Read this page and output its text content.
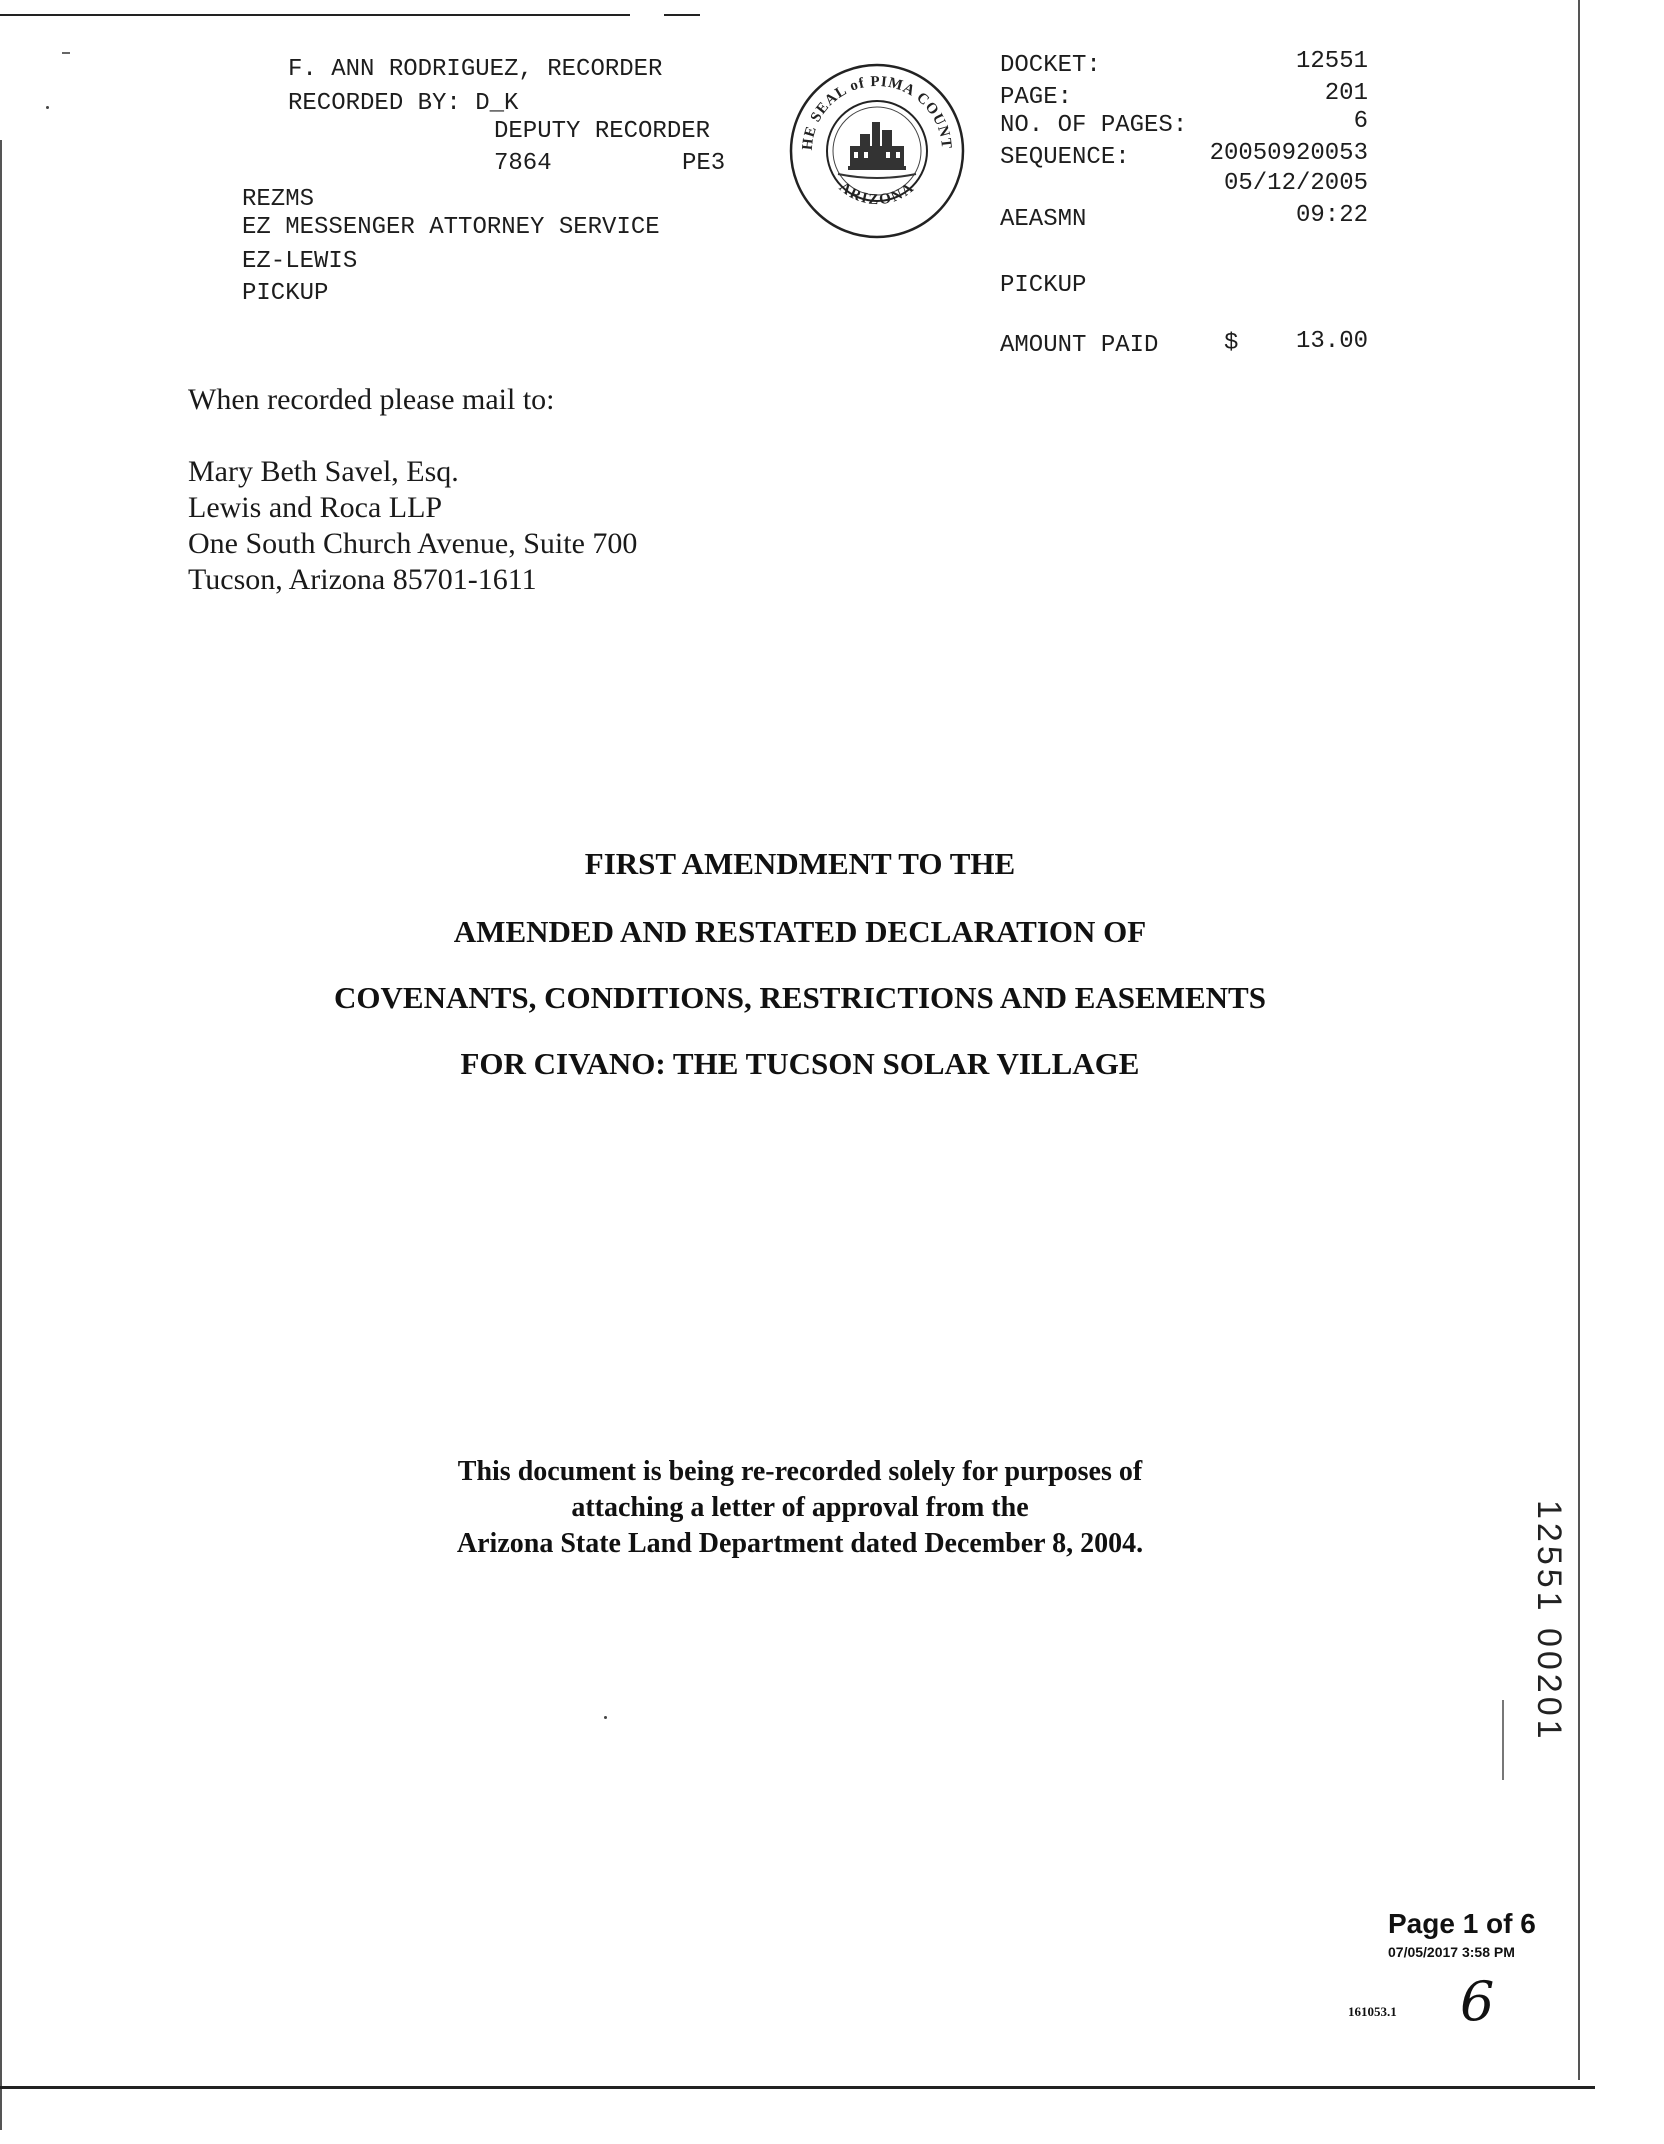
F. ANN RODRIGUEZ, RECORDER
RECORDED BY: D_K
DEPUTY RECORDER
7864	PE3
REZMS
EZ MESSENGER ATTORNEY SERVICE
EZ-LEWIS
PICKUP
HE SEAL of PIMA COUNT
ARIZONA
DOCKET:	12551
PAGE:	201
NO. OF PAGES:	6
SEQUENCE:	20050920053
05/12/2005
AEASMN	09:22
PICKUP
AMOUNT PAID	$	13.00
When recorded please mail to:
Mary Beth Savel, Esq.
Lewis and Roca LLP
One South Church Avenue, Suite 700
Tucson, Arizona 85701-1611
FIRST AMENDMENT TO THE
AMENDED AND RESTATED DECLARATION OF
COVENANTS, CONDITIONS, RESTRICTIONS AND EASEMENTS
FOR CIVANO: THE TUCSON SOLAR VILLAGE
This document is being re-recorded solely for purposes of
attaching a letter of approval from the
Arizona State Land Department dated December 8, 2004.	12551 00201
Page 1 of 6
07/05/2017 3:58 PM
161053.1 6
